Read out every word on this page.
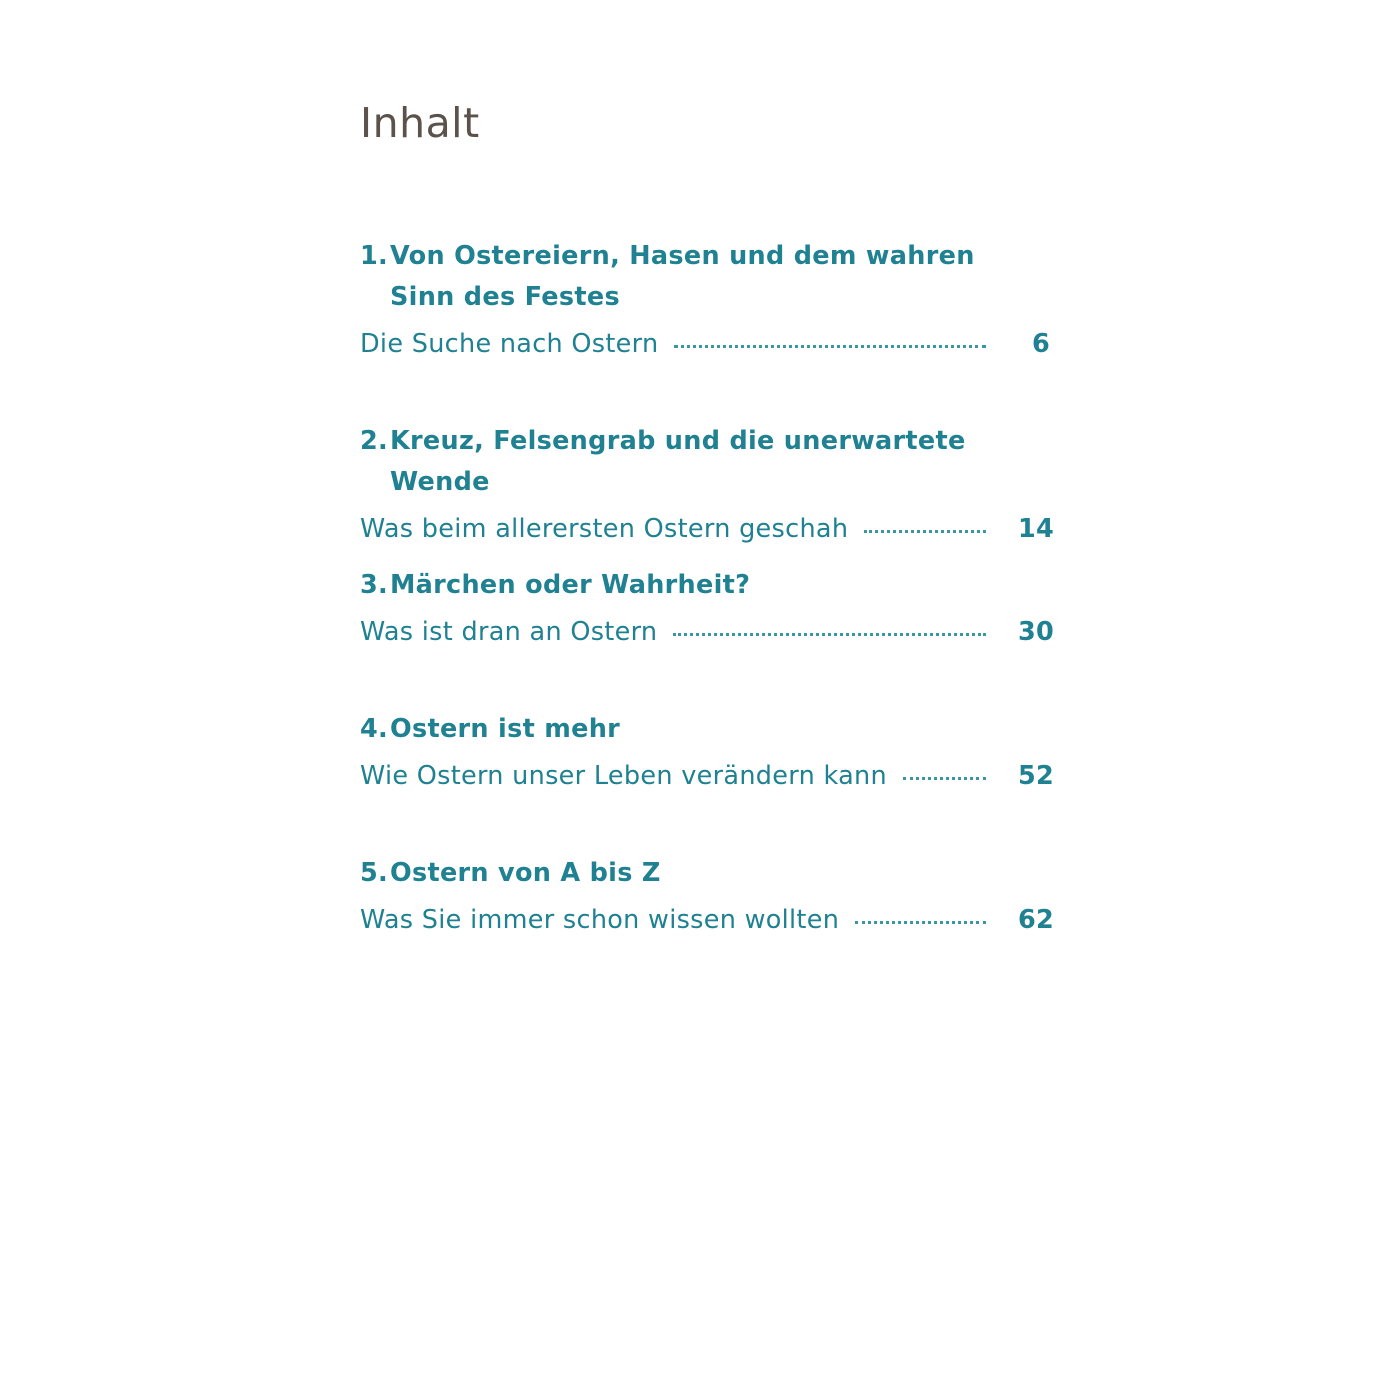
Inhalt
1. Von Ostereiern, Hasen und dem wahren Sinn des Festes
Die Suche nach Ostern	6
2. Kreuz, Felsengrab und die unerwartete Wende
Was beim allerersten Ostern geschah	14
3. Märchen oder Wahrheit?
Was ist dran an Ostern	30
4. Ostern ist mehr
Wie Ostern unser Leben verändern kann	52
5. Ostern von A bis Z
Was Sie immer schon wissen wollten	62
